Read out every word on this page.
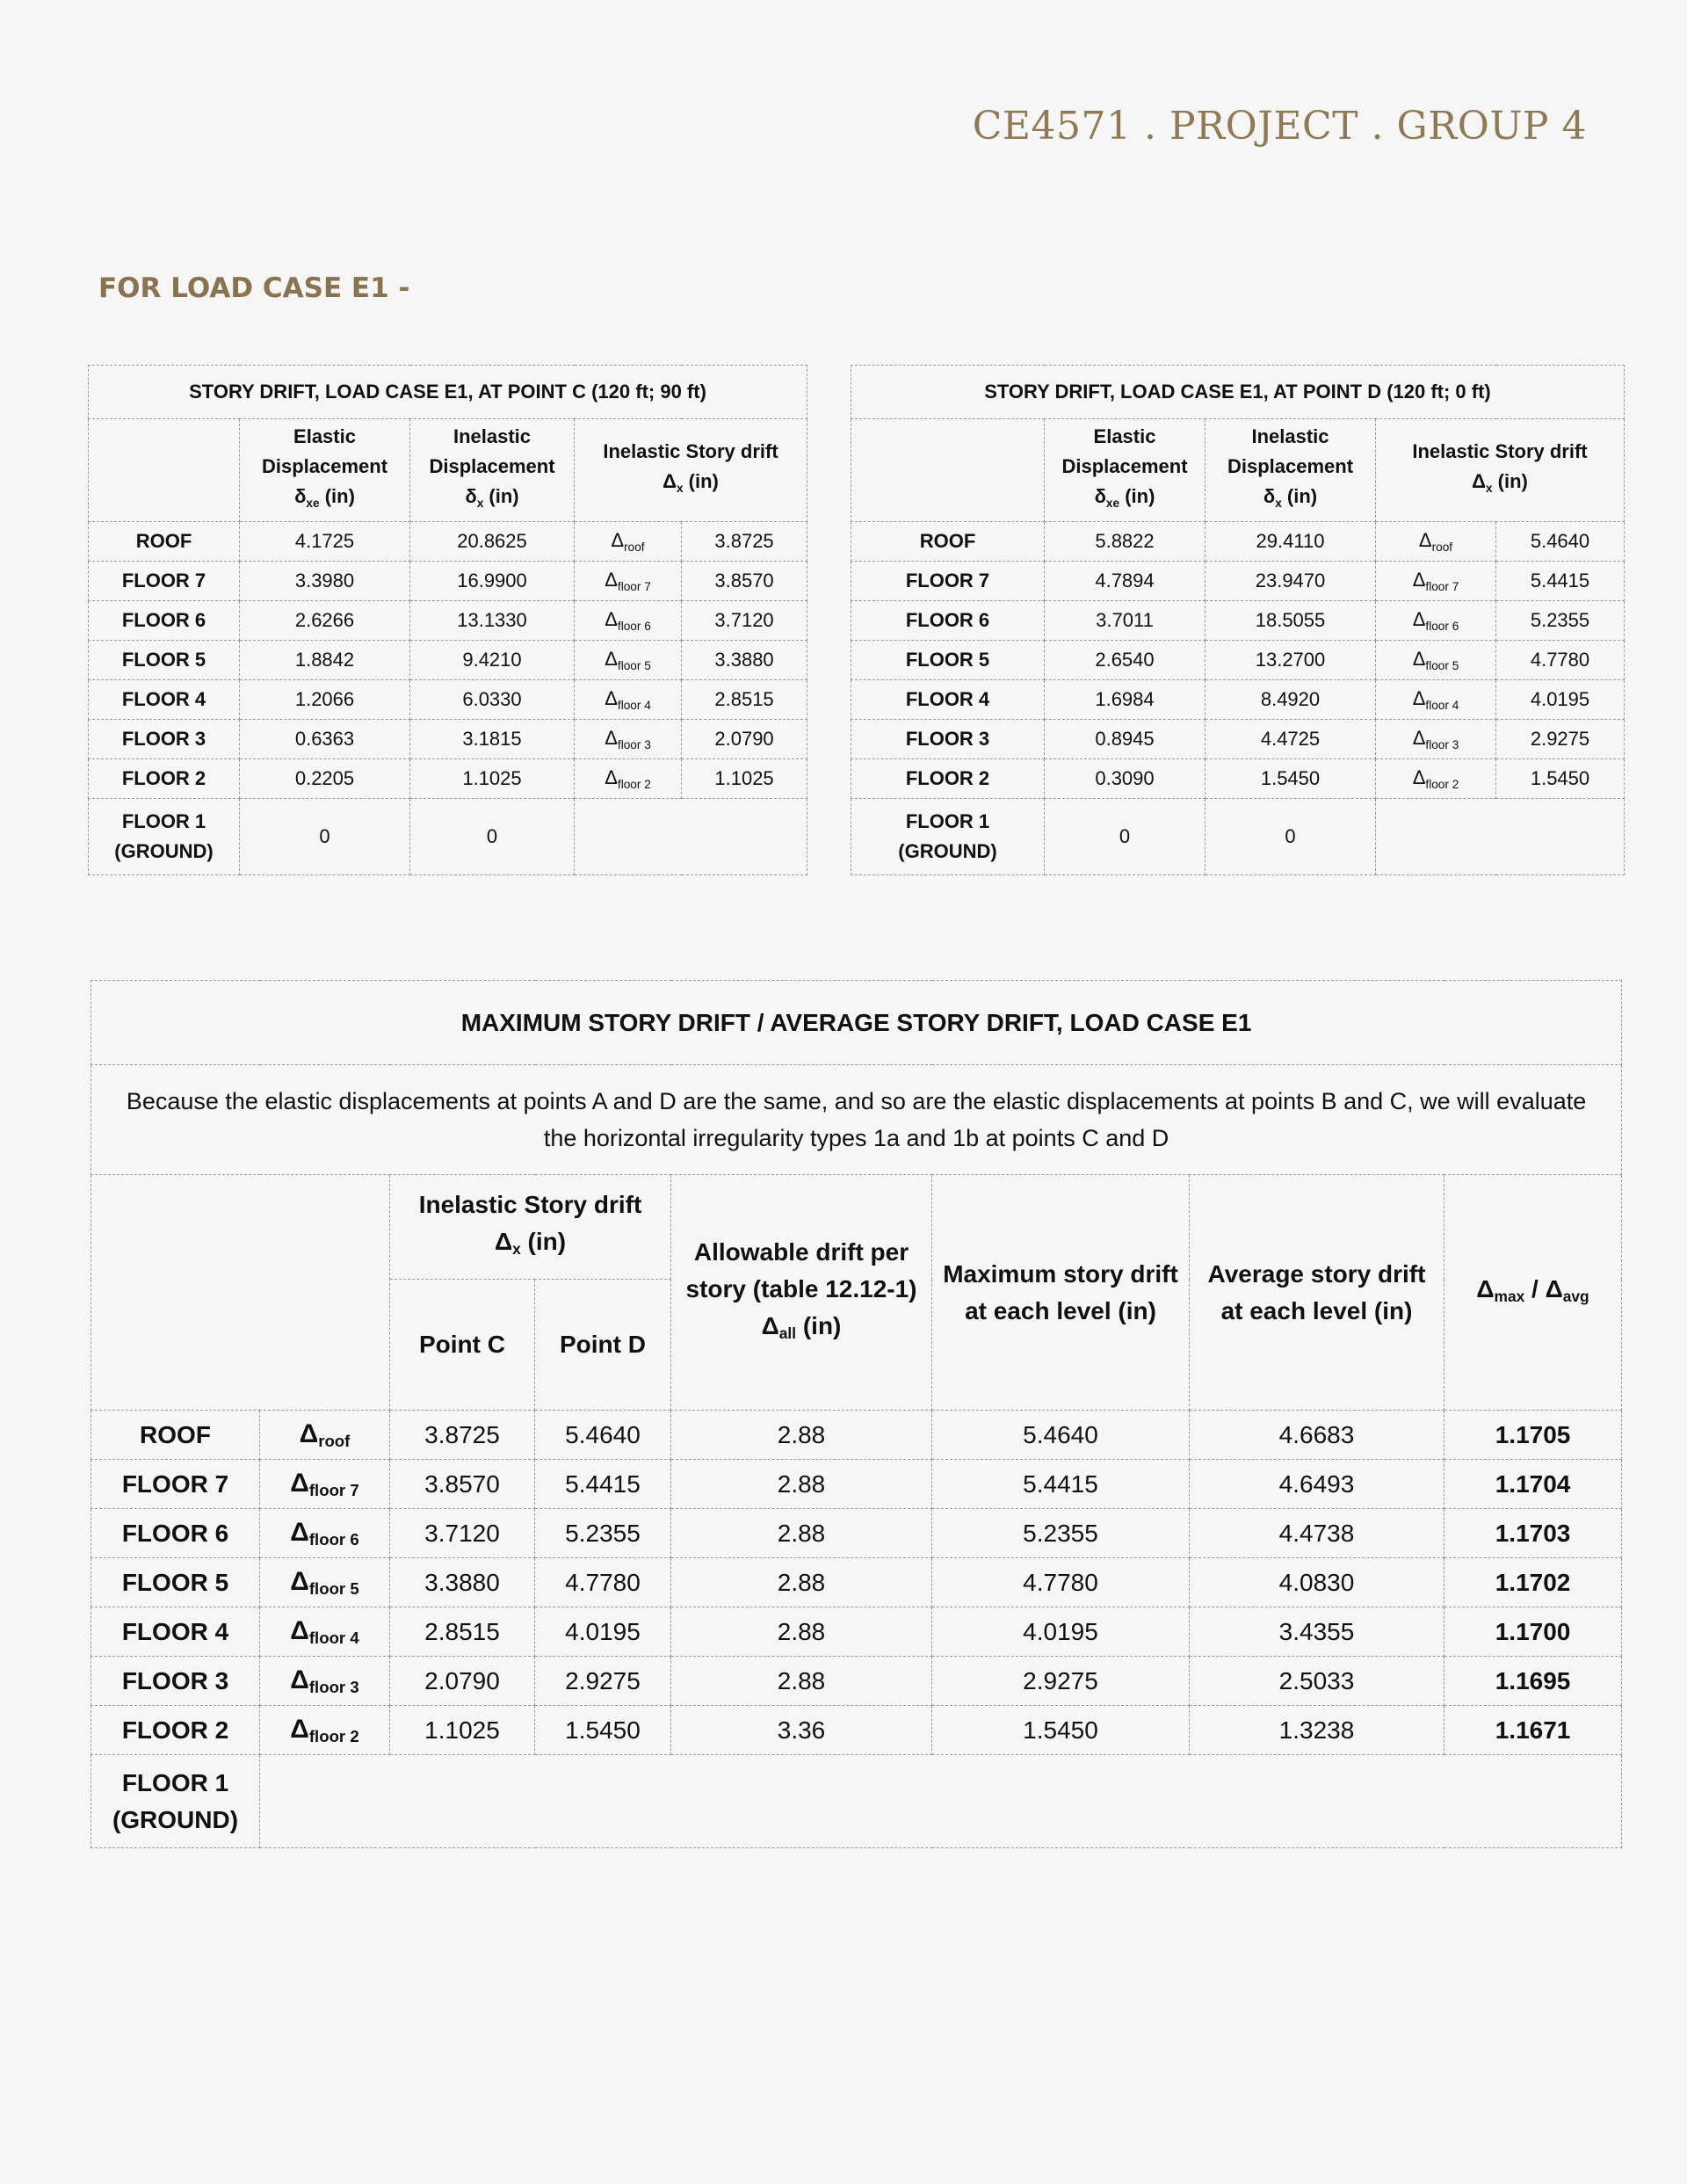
CE4571 . PROJECT . GROUP 4
FOR LOAD CASE E1 -
STORY DRIFT, LOAD CASE E1, AT POINT C (120 ft; 90 ft)				
	Elastic
Displacement
$\delta_{xe}$ (in)	Inelastic
Displacement
$\delta_x$ (in)	Inelastic Story drift
$\Delta_x$ (in)	
ROOF	4.1725	20.8625	$\Delta_{roof}$	3.8725
FLOOR 7	3.3980	16.9900	$\Delta_{floor 7}$	3.8570
FLOOR 6	2.6266	13.1330	$\Delta_{floor 6}$	3.7120
FLOOR 5	1.8842	9.4210	$\Delta_{floor 5}$	3.3880
FLOOR 4	1.2066	6.0330	$\Delta_{floor 4}$	2.8515
FLOOR 3	0.6363	3.1815	$\Delta_{floor 3}$	2.0790
FLOOR 2	0.2205	1.1025	$\Delta_{floor 2}$	1.1025
FLOOR 1
(GROUND)	0	0		
STORY DRIFT, LOAD CASE E1, AT POINT D (120 ft; 0 ft)				
	Elastic
Displacement
$\delta_{xe}$ (in)	Inelastic
Displacement
$\delta_x$ (in)	Inelastic Story drift
$\Delta_x$ (in)	
ROOF	5.8822	29.4110	$\Delta_{roof}$	5.4640
FLOOR 7	4.7894	23.9470	$\Delta_{floor 7}$	5.4415
FLOOR 6	3.7011	18.5055	$\Delta_{floor 6}$	5.2355
FLOOR 5	2.6540	13.2700	$\Delta_{floor 5}$	4.7780
FLOOR 4	1.6984	8.4920	$\Delta_{floor 4}$	4.0195
FLOOR 3	0.8945	4.4725	$\Delta_{floor 3}$	2.9275
FLOOR 2	0.3090	1.5450	$\Delta_{floor 2}$	1.5450
FLOOR 1
(GROUND)	0	0		
MAXIMUM STORY DRIFT / AVERAGE STORY DRIFT, LOAD CASE E1							
Because the elastic displacements at points A and D are the same, and so are the elastic displacements at points B and C, we will evaluate the horizontal irregularity types 1a and 1b at points C and D							
		Inelastic Story drift
$\Delta_x$ (in)		Allowable drift per
story (table 12.12-1)
$\Delta_{all}$ (in)	Maximum story drift
at each level (in)	Average story drift
at each level (in)	$\Delta_{max} / \Delta_{avg}$
		Point C	Point D				
ROOF	$\Delta_{roof}$	3.8725	5.4640	2.88	5.4640	4.6683	1.1705
FLOOR 7	$\Delta_{floor 7}$	3.8570	5.4415	2.88	5.4415	4.6493	1.1704
FLOOR 6	$\Delta_{floor 6}$	3.7120	5.2355	2.88	5.2355	4.4738	1.1703
FLOOR 5	$\Delta_{floor 5}$	3.3880	4.7780	2.88	4.7780	4.0830	1.1702
FLOOR 4	$\Delta_{floor 4}$	2.8515	4.0195	2.88	4.0195	3.4355	1.1700
FLOOR 3	$\Delta_{floor 3}$	2.0790	2.9275	2.88	2.9275	2.5033	1.1695
FLOOR 2	$\Delta_{floor 2}$	1.1025	1.5450	3.36	1.5450	1.3238	1.1671
FLOOR 1
(GROUND)							
